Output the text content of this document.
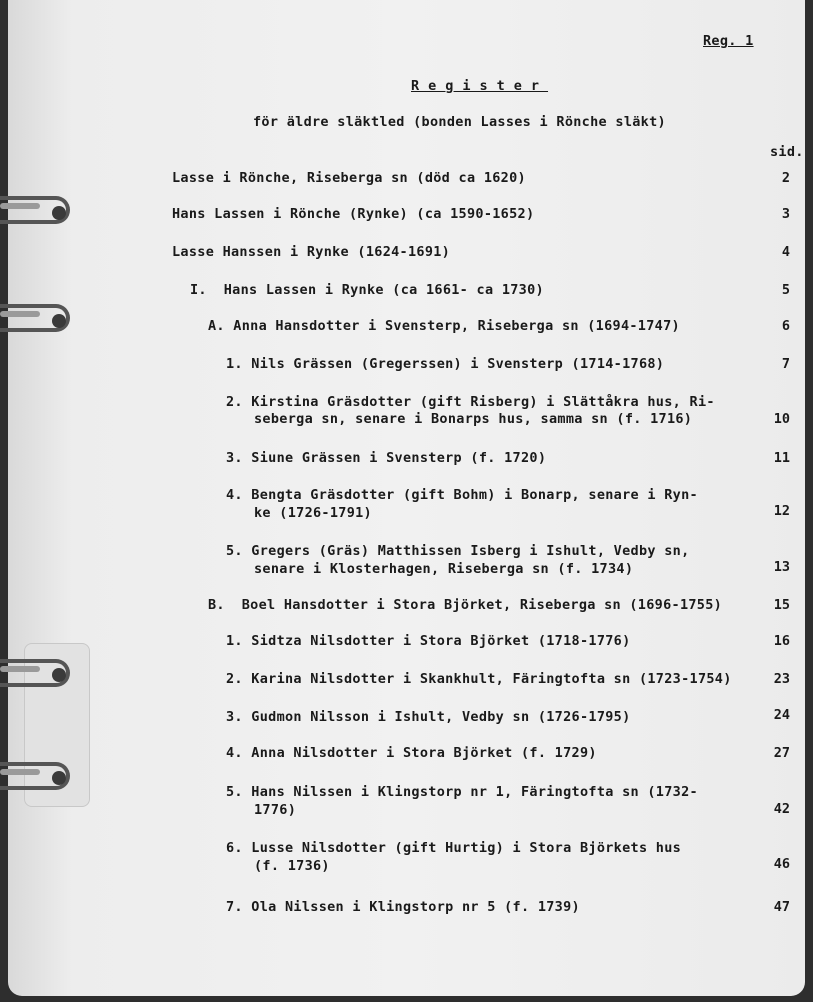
Reg. 1
Register
för äldre släktled (bonden Lasses i Rönche släkt)
sid.
Lasse i Rönche, Riseberga sn (död ca 1620)	2
Hans Lassen i Rönche (Rynke) (ca 1590-1652)	3
Lasse Hanssen i Rynke (1624-1691)	4
I.  Hans Lassen i Rynke (ca 1661- ca 1730)	5
A. Anna Hansdotter i Svensterp, Riseberga sn (1694-1747)	6
1. Nils Grässen (Gregerssen) i Svensterp (1714-1768)	7
2. Kirstina Gräsdotter (gift Risberg) i Slättåkra hus, Ri-
seberga sn, senare i Bonarps hus, samma sn (f. 1716)	10
3. Siune Grässen i Svensterp (f. 1720)	11
4. Bengta Gräsdotter (gift Bohm) i Bonarp, senare i Ryn-
ke (1726-1791)	12
5. Gregers (Gräs) Matthissen Isberg i Ishult, Vedby sn,
senare i Klosterhagen, Riseberga sn (f. 1734)	13
B.  Boel Hansdotter i Stora Björket, Riseberga sn (1696-1755)	15
1. Sidtza Nilsdotter i Stora Björket (1718-1776)	16
2. Karina Nilsdotter i Skankhult, Färingtofta sn (1723-1754)	23
3. Gudmon Nilsson i Ishult, Vedby sn (1726-1795)	24
4. Anna Nilsdotter i Stora Björket (f. 1729)	27
5. Hans Nilssen i Klingstorp nr 1, Färingtofta sn (1732-
1776)	42
6. Lusse Nilsdotter (gift Hurtig) i Stora Björkets hus
(f. 1736)	46
7. Ola Nilssen i Klingstorp nr 5 (f. 1739)	47
